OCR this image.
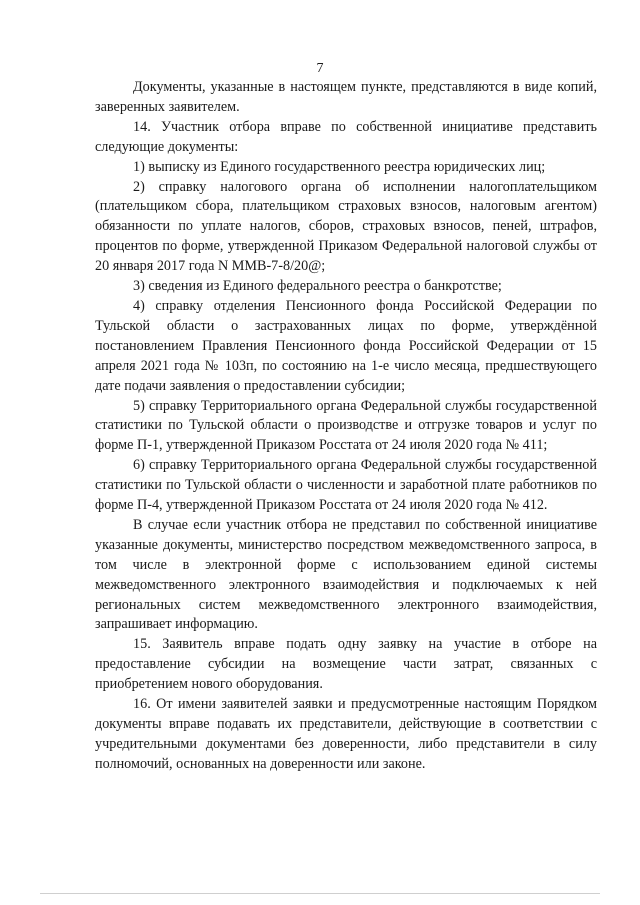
7

Документы, указанные в настоящем пункте, представляются в виде копий, заверенных заявителем.

14. Участник отбора вправе по собственной инициативе представить следующие документы:

1) выписку из Единого государственного реестра юридических лиц;

2) справку налогового органа об исполнении налогоплательщиком (плательщиком сбора, плательщиком страховых взносов, налоговым агентом) обязанности по уплате налогов, сборов, страховых взносов, пеней, штрафов, процентов по форме, утвержденной Приказом Федеральной налоговой службы от 20 января 2017 года N ММВ-7-8/20@;

3) сведения из Единого федерального реестра о банкротстве;

4) справку отделения Пенсионного фонда Российской Федерации по Тульской области о застрахованных лицах по форме, утверждённой постановлением Правления Пенсионного фонда Российской Федерации от 15 апреля 2021 года № 103п, по состоянию на 1-е число месяца, предшествующего дате подачи заявления о предоставлении субсидии;

5) справку Территориального органа Федеральной службы государственной статистики по Тульской области о производстве и отгрузке товаров и услуг по форме П-1, утвержденной Приказом Росстата от 24 июля 2020 года № 411;

6) справку Территориального органа Федеральной службы государственной статистики по Тульской области о численности и заработной плате работников по форме П-4, утвержденной Приказом Росстата от 24 июля 2020 года № 412.

В случае если участник отбора не представил по собственной инициативе указанные документы, министерство посредством межведомственного запроса, в том числе в электронной форме с использованием единой системы межведомственного электронного взаимодействия и подключаемых к ней региональных систем межведомственного электронного взаимодействия, запрашивает информацию.

15. Заявитель вправе подать одну заявку на участие в отборе на предоставление субсидии на возмещение части затрат, связанных с приобретением нового оборудования.

16. От имени заявителей заявки и предусмотренные настоящим Порядком документы вправе подавать их представители, действующие в соответствии с учредительными документами без доверенности, либо представители в силу полномочий, основанных на доверенности или законе.
